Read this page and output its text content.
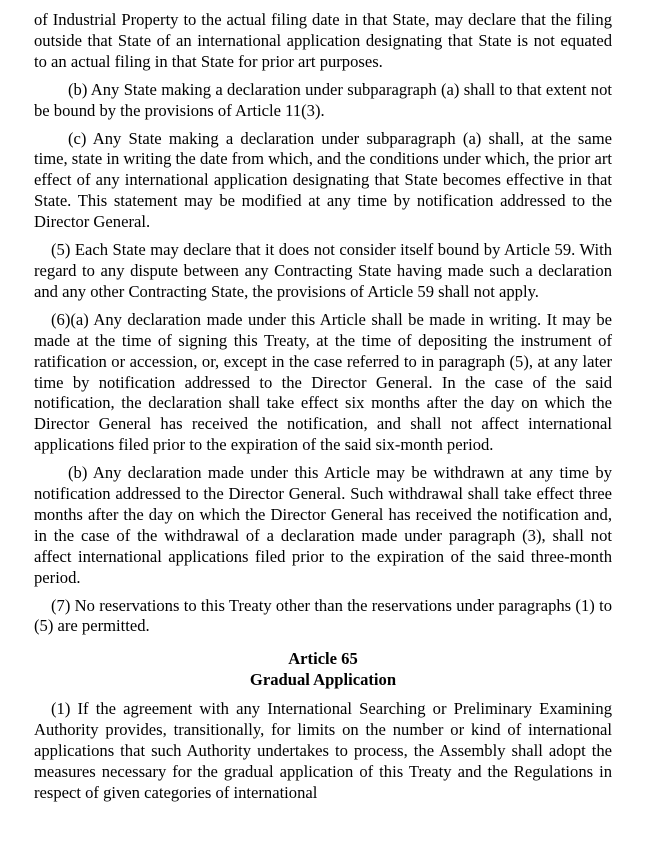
of Industrial Property to the actual filing date in that State, may declare that the filing outside that State of an international application designating that State is not equated to an actual filing in that State for prior art purposes.

(b) Any State making a declaration under subparagraph (a) shall to that extent not be bound by the provisions of Article 11(3).

(c) Any State making a declaration under subparagraph (a) shall, at the same time, state in writing the date from which, and the conditions under which, the prior art effect of any international application designating that State becomes effective in that State. This statement may be modified at any time by notification addressed to the Director General.

(5) Each State may declare that it does not consider itself bound by Article 59. With regard to any dispute between any Contracting State having made such a declaration and any other Contracting State, the provisions of Article 59 shall not apply.

(6)(a) Any declaration made under this Article shall be made in writing. It may be made at the time of signing this Treaty, at the time of depositing the instrument of ratification or accession, or, except in the case referred to in paragraph (5), at any later time by notification addressed to the Director General. In the case of the said notification, the declaration shall take effect six months after the day on which the Director General has received the notification, and shall not affect international applications filed prior to the expiration of the said six-month period.

(b) Any declaration made under this Article may be withdrawn at any time by notification addressed to the Director General. Such withdrawal shall take effect three months after the day on which the Director General has received the notification and, in the case of the withdrawal of a declaration made under paragraph (3), shall not affect international applications filed prior to the expiration of the said three-month period.

(7) No reservations to this Treaty other than the reservations under paragraphs (1) to (5) are permitted.

Article 65
Gradual Application

(1) If the agreement with any International Searching or Preliminary Examining Authority provides, transitionally, for limits on the number or kind of international applications that such Authority undertakes to process, the Assembly shall adopt the measures necessary for the gradual application of this Treaty and the Regulations in respect of given categories of international
